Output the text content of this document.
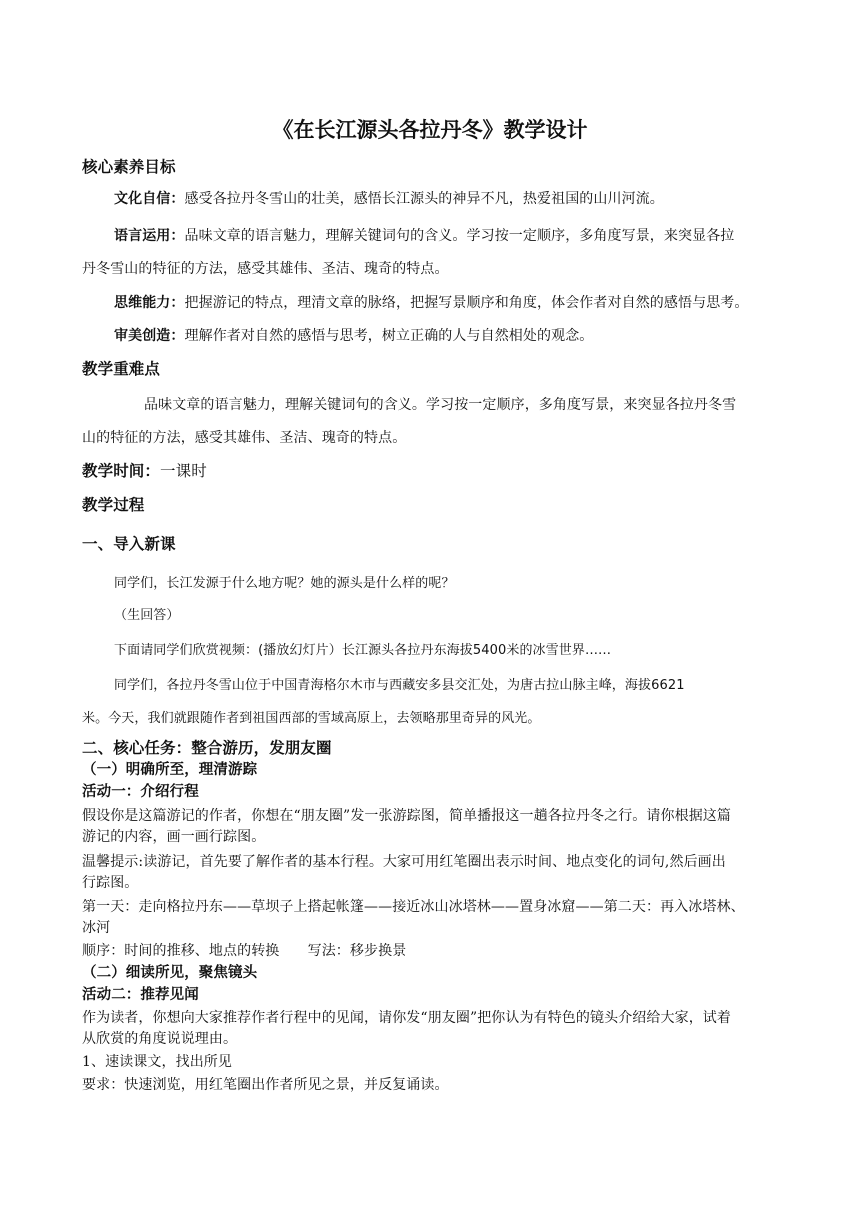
《在长江源头各拉丹冬》教学设计
核心素养目标
文化自信：感受各拉丹冬雪山的壮美，感悟长江源头的神异不凡，热爱祖国的山川河流。
语言运用：品味文章的语言魅力，理解关键词句的含义。学习按一定顺序，多角度写景，来突显各拉
丹冬雪山的特征的方法，感受其雄伟、圣洁、瑰奇的特点。
思维能力：把握游记的特点，理清文章的脉络，把握写景顺序和角度，体会作者对自然的感悟与思考。
审美创造：理解作者对自然的感悟与思考，树立正确的人与自然相处的观念。
教学重难点
品味文章的语言魅力，理解关键词句的含义。学习按一定顺序，多角度写景，来突显各拉丹冬雪
山的特征的方法，感受其雄伟、圣洁、瑰奇的特点。
教学时间：一课时
教学过程
一、导入新课
同学们，长江发源于什么地方呢？她的源头是什么样的呢？
（生回答）
下面请同学们欣赏视频：(播放幻灯片）长江源头各拉丹东海拔5400米的冰雪世界……
同学们，各拉丹冬雪山位于中国青海格尔木市与西藏安多县交汇处，为唐古拉山脉主峰，海拔6621
米。今天，我们就跟随作者到祖国西部的雪域高原上，去领略那里奇异的风光。
二、核心任务：整合游历，发朋友圈
（一）明确所至，理清游踪
活动一：介绍行程
假设你是这篇游记的作者，你想在“朋友圈”发一张游踪图，简单播报这一趟各拉丹冬之行。请你根据这篇
游记的内容，画一画行踪图。
温馨提示:读游记，首先要了解作者的基本行程。大家可用红笔圈出表示时间、地点变化的词句,然后画出
行踪图。
第一天：走向格拉丹东——草坝子上搭起帐篷——接近冰山冰塔林——置身冰窟——第二天：再入冰塔林、
冰河
顺序：时间的推移、地点的转换　　写法：移步换景
（二）细读所见，聚焦镜头
活动二：推荐见闻
作为读者，你想向大家推荐作者行程中的见闻，请你发“朋友圈”把你认为有特色的镜头介绍给大家，试着
从欣赏的角度说说理由。
1、速读课文，找出所见
要求：快速浏览，用红笔圈出作者所见之景，并反复诵读。
